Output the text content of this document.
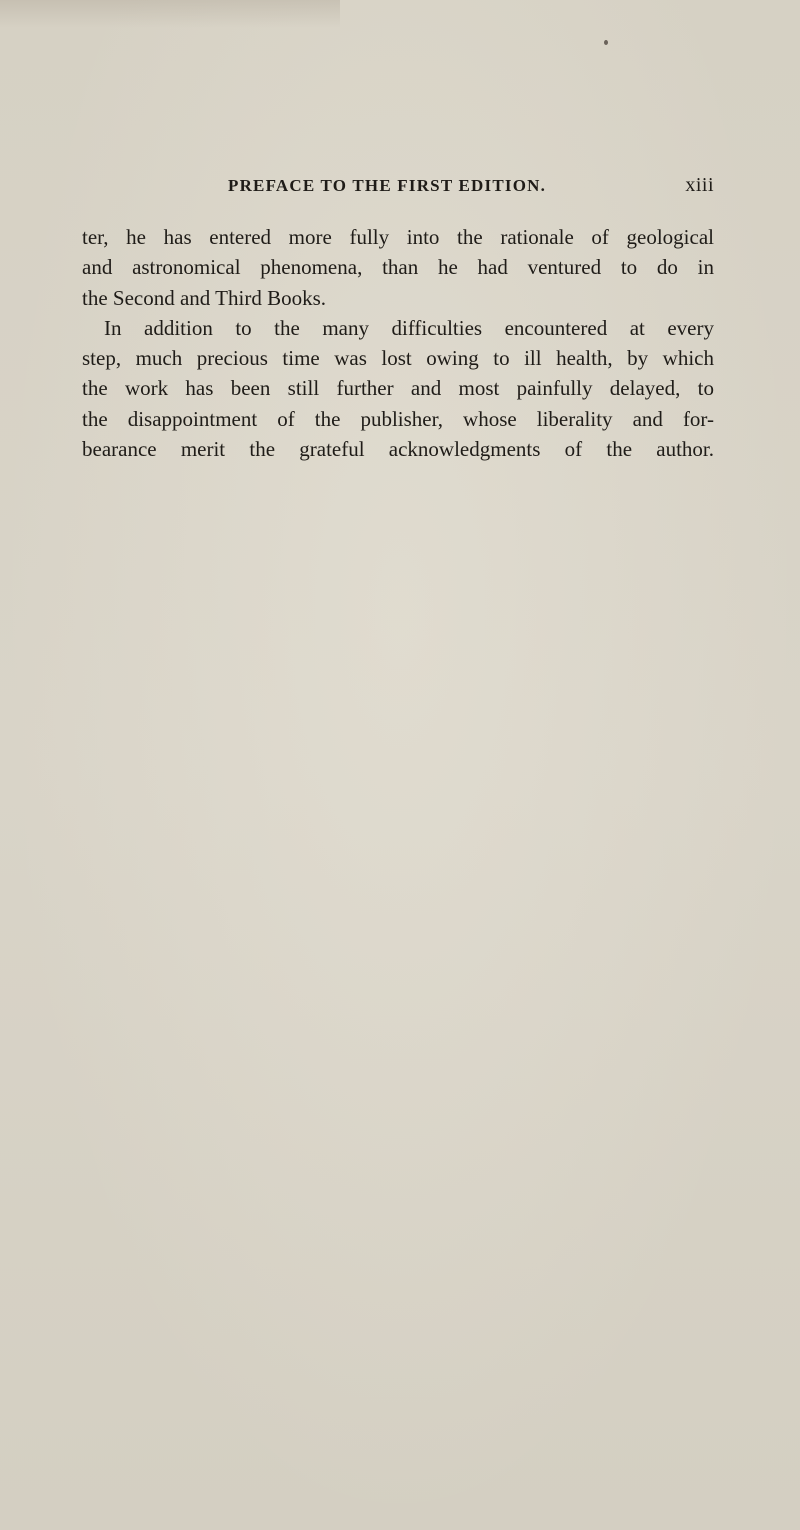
PREFACE TO THE FIRST EDITION.	xiii
ter, he has entered more fully into the rationale of geological
and astronomical phenomena, than he had ventured to do in
the Second and Third Books.
In addition to the many difficulties encountered at every
step, much precious time was lost owing to ill health, by which
the work has been still further and most painfully delayed, to
the disappointment of the publisher, whose liberality and for-
bearance merit the grateful acknowledgments of the author.
